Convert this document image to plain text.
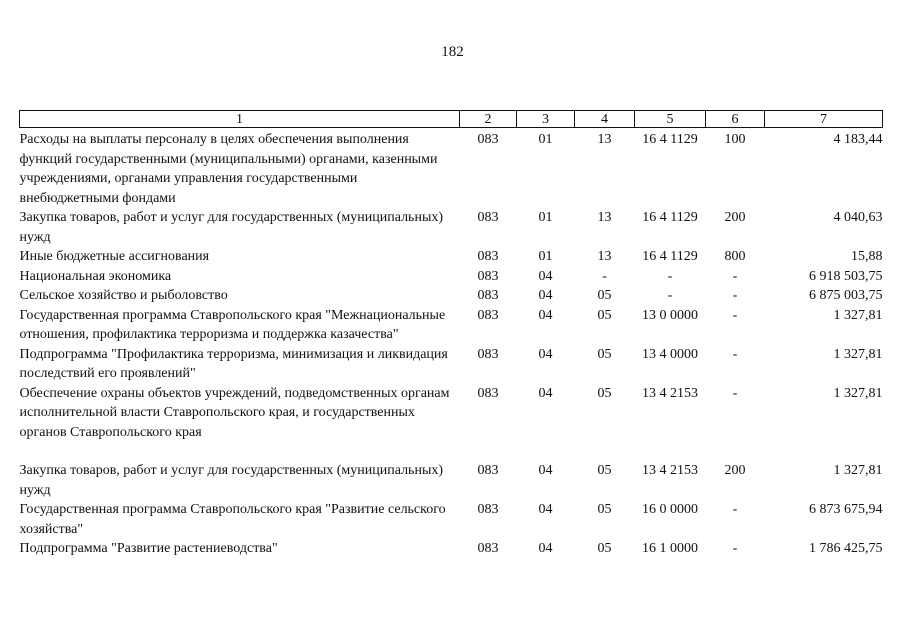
182
1	2	3	4	5	6	7
Расходы на выплаты персоналу в целях обеспечения выполнения функций государственными (муниципальными) органами, казенными учреждениями, органами управления государственными внебюджетными фондами	083	01	13	16 4 1129	100	4 183,44
Закупка товаров, работ и услуг для государственных (муниципальных) нужд	083	01	13	16 4 1129	200	4 040,63
Иные бюджетные ассигнования	083	01	13	16 4 1129	800	15,88
Национальная экономика	083	04	-	-	-	6 918 503,75
Сельское хозяйство и рыболовство	083	04	05	-	-	6 875 003,75
Государственная программа Ставропольского края "Межнациональные отношения, профилактика терроризма и поддержка казачества"	083	04	05	13 0 0000	-	1 327,81
Подпрограмма "Профилактика терроризма, минимизация и ликвидация последствий его проявлений"	083	04	05	13 4 0000	-	1 327,81
Обеспечение охраны объектов учреждений, подведомственных органам исполнительной власти Ставропольского края, и государственных органов Ставропольского края	083	04	05	13 4 2153	-	1 327,81
Закупка товаров, работ и услуг для государственных (муниципальных) нужд	083	04	05	13 4 2153	200	1 327,81
Государственная программа Ставропольского края "Развитие сельского хозяйства"	083	04	05	16 0 0000	-	6 873 675,94
Подпрограмма "Развитие растениеводства"	083	04	05	16 1 0000	-	1 786 425,75
